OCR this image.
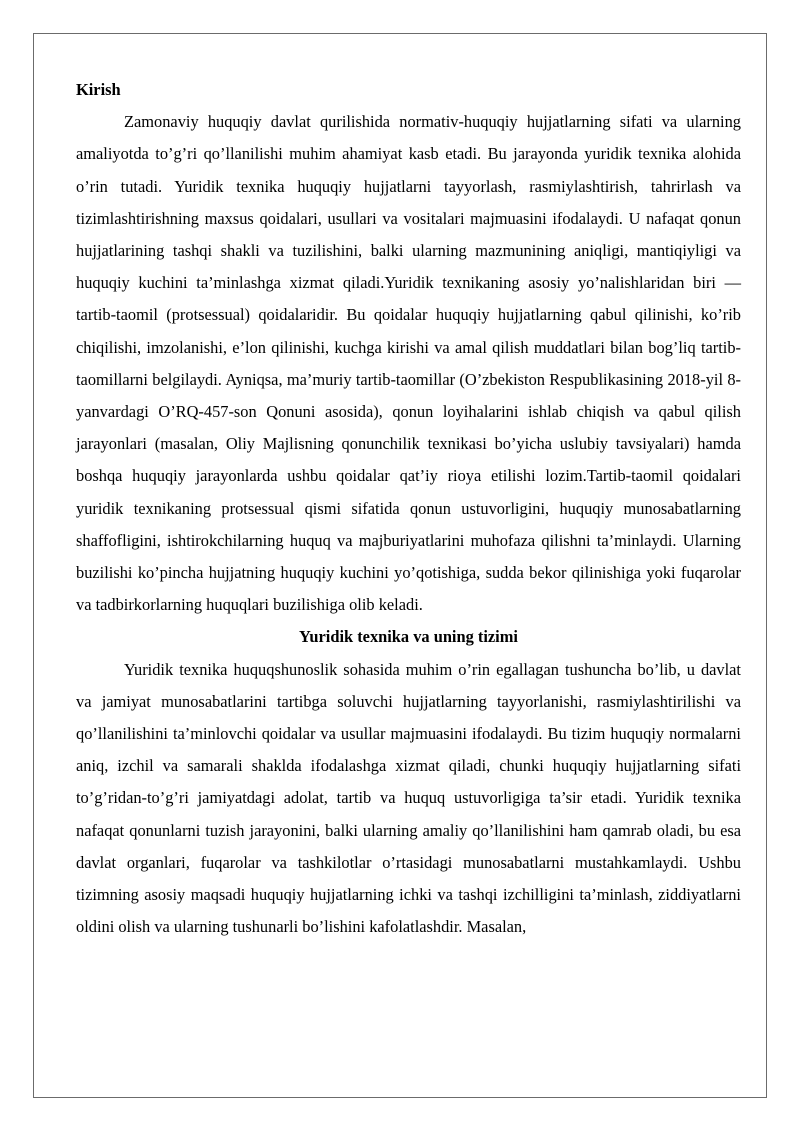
Kirish

Zamonaviy huquqiy davlat qurilishida normativ-huquqiy hujjatlarning sifati va ularning amaliyotda to’g’ri qo’llanilishi muhim ahamiyat kasb etadi. Bu jarayonda yuridik texnika alohida o’rin tutadi. Yuridik texnika huquqiy hujjatlarni tayyorlash, rasmiylashtirish, tahrirlash va tizimlashtirishning maxsus qoidalari, usullari va vositalari majmuasini ifodalaydi. U nafaqat qonun hujjatlarining tashqi shakli va tuzilishini, balki ularning mazmunining aniqligi, mantiqiyligi va huquqiy kuchini ta’minlashga xizmat qiladi.Yuridik texnikaning asosiy yo’nalishlaridan biri — tartib-taomil (protsessual) qoidalaridir. Bu qoidalar huquqiy hujjatlarning qabul qilinishi, ko’rib chiqilishi, imzolanishi, e’lon qilinishi, kuchga kirishi va amal qilish muddatlari bilan bog’liq tartib-taomillarni belgilaydi. Ayniqsa, ma’muriy tartib-taomillar (O’zbekiston Respublikasining 2018-yil 8-yanvardagi O’RQ-457-son Qonuni asosida), qonun loyihalarini ishlab chiqish va qabul qilish jarayonlari (masalan, Oliy Majlisning qonunchilik texnikasi bo’yicha uslubiy tavsiyalari) hamda boshqa huquqiy jarayonlarda ushbu qoidalar qat’iy rioya etilishi lozim.Tartib-taomil qoidalari yuridik texnikaning protsessual qismi sifatida qonun ustuvorligini, huquqiy munosabatlarning shaffofligini, ishtirokchilarning huquq va majburiyatlarini muhofaza qilishni ta’minlaydi. Ularning buzilishi ko’pincha hujjatning huquqiy kuchini yo’qotishiga, sudda bekor qilinishiga yoki fuqarolar va tadbirkorlarning huquqlari buzilishiga olib keladi.

Yuridik texnika va uning tizimi

Yuridik texnika huquqshunoslik sohasida muhim o’rin egallagan tushuncha bo’lib, u davlat va jamiyat munosabatlarini tartibga soluvchi hujjatlarning tayyorlanishi, rasmiylashtirilishi va qo’llanilishini ta’minlovchi qoidalar va usullar majmuasini ifodalaydi. Bu tizim huquqiy normalarni aniq, izchil va samarali shaklda ifodalashga xizmat qiladi, chunki huquqiy hujjatlarning sifati to’g’ridan-to’g’ri jamiyatdagi adolat, tartib va huquq ustuvorligiga ta’sir etadi. Yuridik texnika nafaqat qonunlarni tuzish jarayonini, balki ularning amaliy qo’llanilishini ham qamrab oladi, bu esa davlat organlari, fuqarolar va tashkilotlar o’rtasidagi munosabatlarni mustahkamlaydi. Ushbu tizimning asosiy maqsadi huquqiy hujjatlarning ichki va tashqi izchilligini ta’minlash, ziddiyatlarni oldini olish va ularning tushunarli bo’lishini kafolatlashdir. Masalan,
